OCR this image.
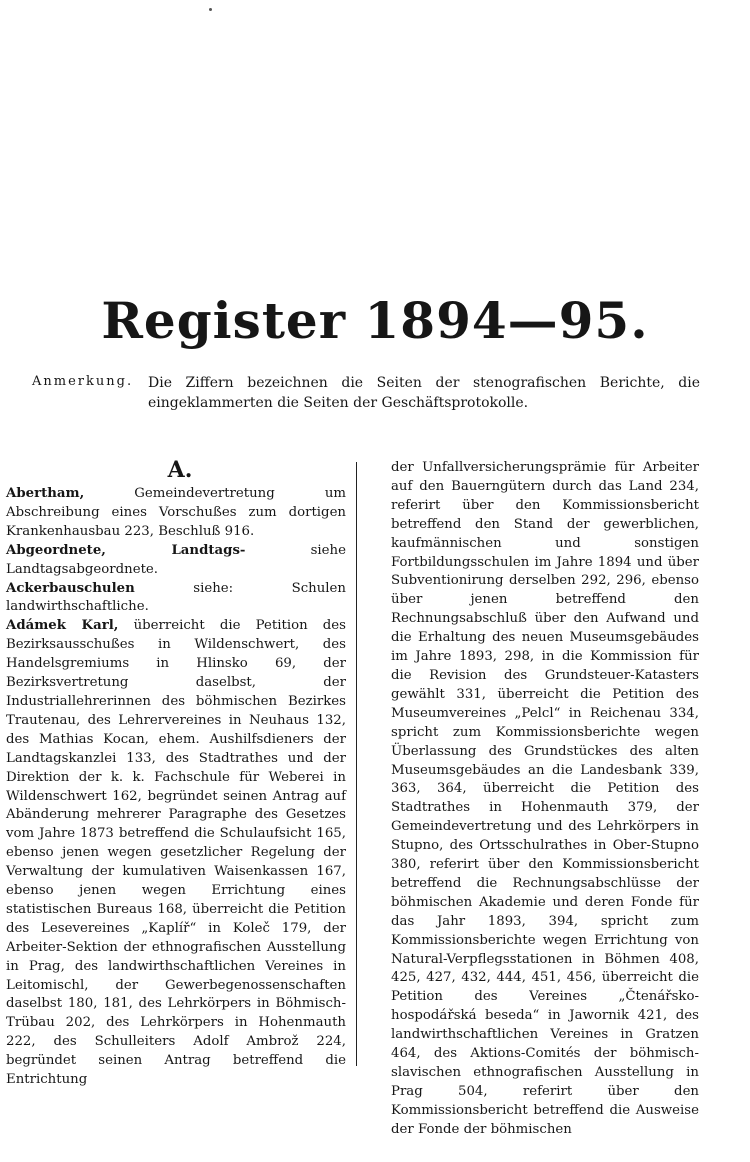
Register 1894—95.
Anmerkung. Die Ziffern bezeichnen die Seiten der stenografischen Berichte, die eingeklammerten die Seiten der Geschäftsprotokolle.
A.

Abertham,	Gemeindevertretung um Abschreibung eines Vorschußes zum dortigen Krankenhausbau 223, Beschluß 916.

Abgeordnete, Landtags-	siehe Landtagsabgeordnete.

Ackerbauschulen	siehe: Schulen landwirthschaftliche.

Adámek Karl, überreicht die Petition des Bezirksausschußes in Wildenschwert, des Handelsgremiums in Hlinsko 69, der Bezirksvertretung daselbst, der Industriallehrerinnen des böhmischen Bezirkes Trautenau, des Lehrervereines in Neuhaus 132, des Mathias Kocan, ehem. Aushilfsdieners der Landtagskanzlei 133, des Stadtrathes und der Direktion der k. k. Fachschule für Weberei in Wildenschwert 162, begründet seinen Antrag auf Abänderung mehrerer Paragraphe des Gesetzes vom Jahre 1873 betreffend die Schulaufsicht 165, ebenso jenen wegen gesetzlicher Regelung der Verwaltung der kumulativen Waisenkassen 167, ebenso jenen wegen Errichtung eines statistischen Bureaus 168, überreicht die Petition des Lesevereines „Kaplíř“ in Koleč 179, der Arbeiter-Sektion der ethnografischen Ausstellung in Prag, des landwirthschaftlichen Vereines in Leitomischl, der Gewerbegenossenschaften daselbst 180, 181, des Lehrkörpers in Böhmisch-Trübau 202, des Lehrkörpers in Hohenmauth 222, des Schulleiters Adolf Ambrož 224, begründet seinen Antrag betreffend die Entrichtung

der Unfallversicherungsprämie für Arbeiter auf den Bauerngütern durch das Land 234, referirt über den Kommissionsbericht betreffend den Stand der gewerblichen, kaufmännischen und sonstigen Fortbildungsschulen im Jahre 1894 und über Subventionirung derselben 292, 296, ebenso über jenen betreffend den Rechnungsabschluß über den Aufwand und die Erhaltung des neuen Museumsgebäudes im Jahre 1893, 298, in die Kommission für die Revision des Grundsteuer-Katasters gewählt 331, überreicht die Petition des Museumvereines „Pelcl“ in Reichenau 334, spricht zum Kommissionsberichte wegen Überlassung des Grundstückes des alten Museumsgebäudes an die Landesbank 339, 363, 364, überreicht die Petition des Stadtrathes in Hohenmauth 379, der Gemeindevertretung und des Lehrkörpers in Stupno, des Ortsschulrathes in Ober-Stupno 380, referirt über den Kommissionsbericht betreffend die Rechnungsabschlüsse der böhmischen Akademie und deren Fonde für das Jahr 1893, 394, spricht zum Kommissionsberichte wegen Errichtung von Natural-Verpflegsstationen in Böhmen 408, 425, 427, 432, 444, 451, 456, überreicht die Petition des Vereines „Čtenářsko-hospodářská beseda“ in Jawornik 421, des landwirthschaftlichen Vereines in Gratzen 464, des Aktions-Comités der böhmisch-slavischen ethnografischen Ausstellung in Prag 504, referirt über den Kommissionsbericht betreffend die Ausweise der Fonde der böhmischen
